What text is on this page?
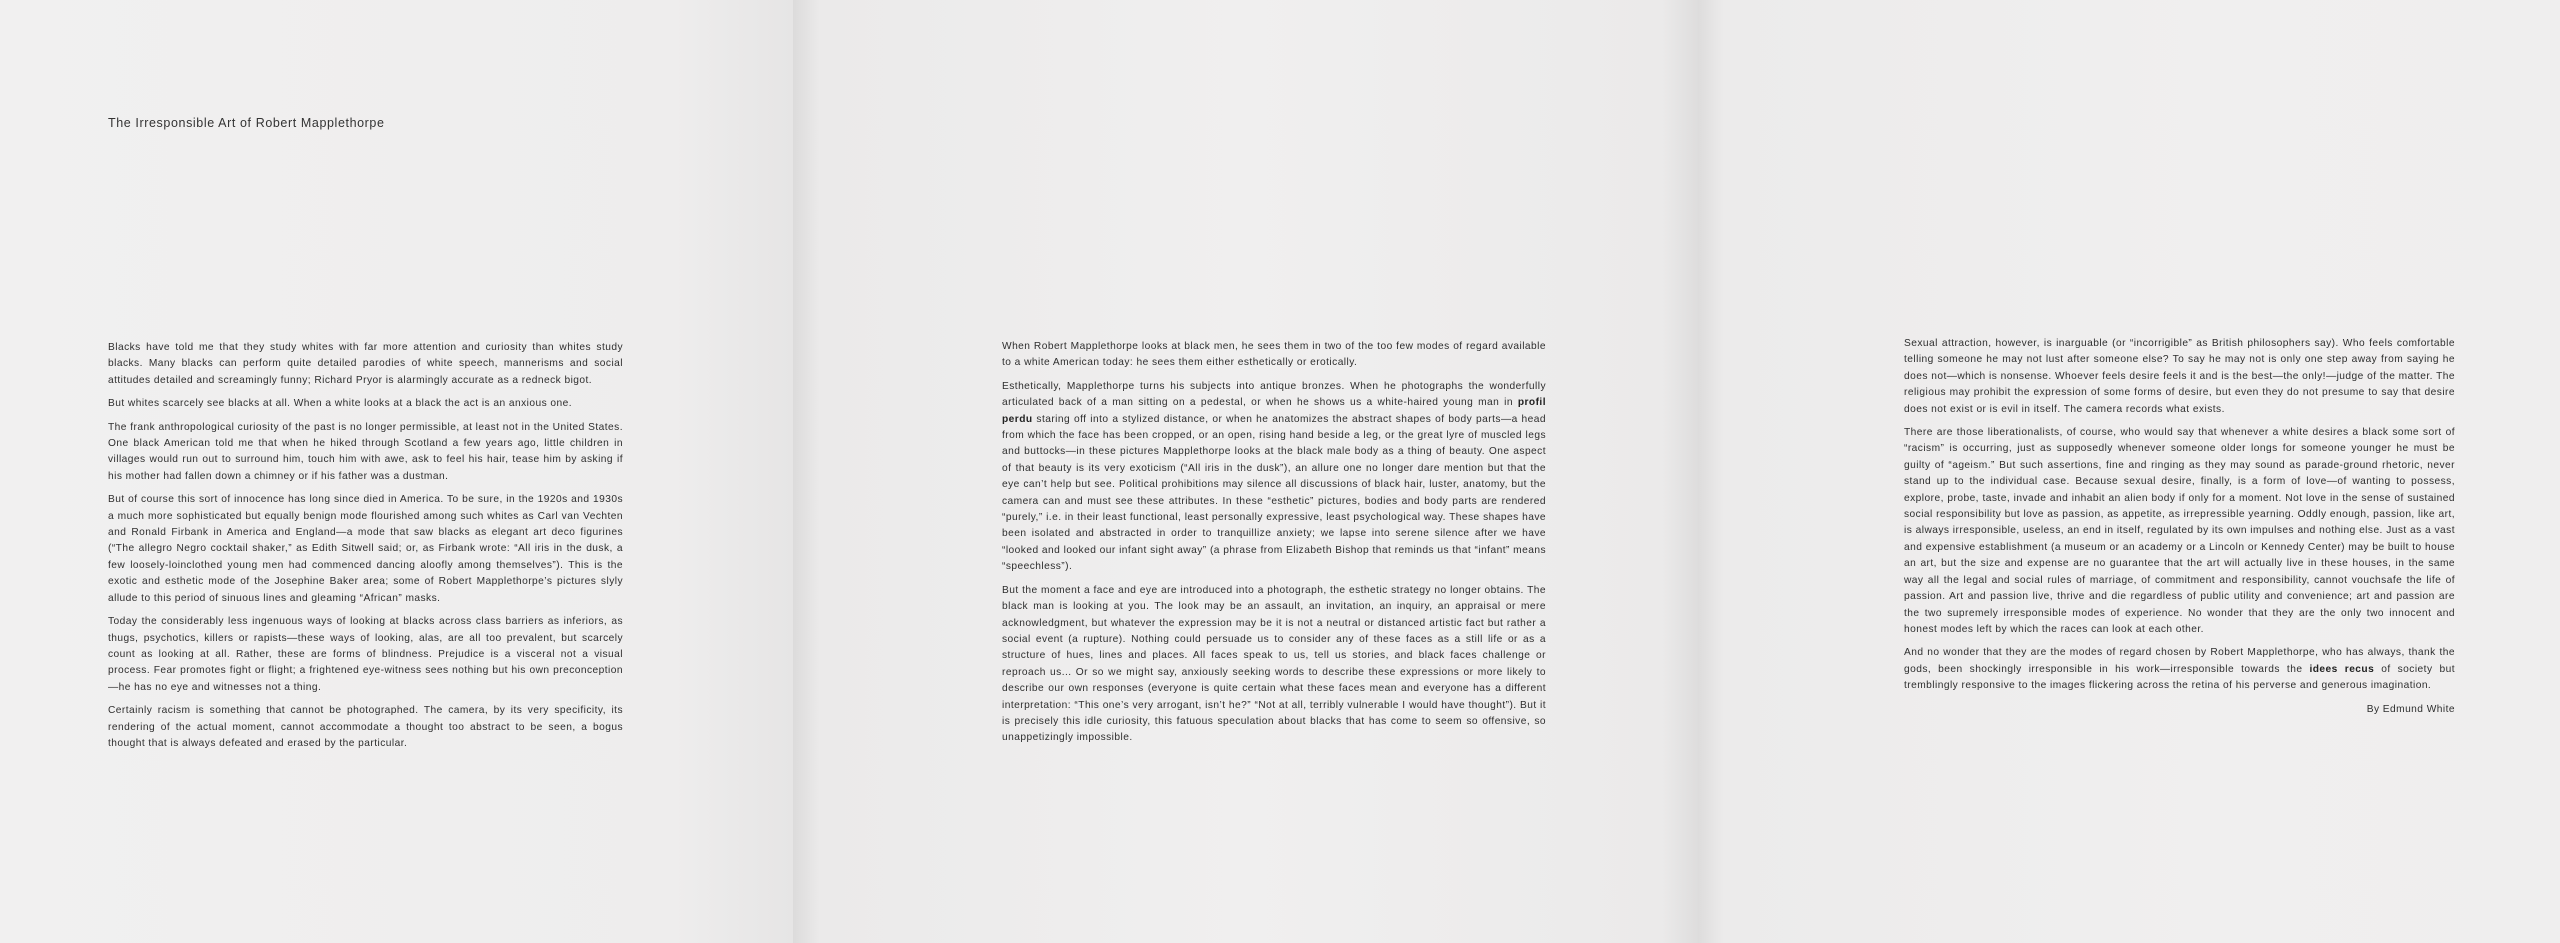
The Irresponsible Art of Robert Mapplethorpe

Blacks have told me that they study whites with far more attention and curiosity than whites study blacks. Many blacks can perform quite detailed parodies of white speech, mannerisms and social attitudes detailed and screamingly funny; Richard Pryor is alarmingly accurate as a redneck bigot.

But whites scarcely see blacks at all. When a white looks at a black the act is an anxious one.

The frank anthropological curiosity of the past is no longer permissible, at least not in the United States. One black American told me that when he hiked through Scotland a few years ago, little children in villages would run out to surround him, touch him with awe, ask to feel his hair, tease him by asking if his mother had fallen down a chimney or if his father was a dustman.

But of course this sort of innocence has long since died in America. To be sure, in the 1920s and 1930s a much more sophisticated but equally benign mode flourished among such whites as Carl van Vechten and Ronald Firbank in America and England—a mode that saw blacks as elegant art deco figurines (“The allegro Negro cocktail shaker,” as Edith Sitwell said; or, as Firbank wrote: “All iris in the dusk, a few loosely-loinclothed young men had commenced dancing aloofly among themselves”). This is the exotic and esthetic mode of the Josephine Baker area; some of Robert Mapplethorpe’s pictures slyly allude to this period of sinuous lines and gleaming “African” masks.

Today the considerably less ingenuous ways of looking at blacks across class barriers as inferiors, as thugs, psychotics, killers or rapists—these ways of looking, alas, are all too prevalent, but scarcely count as looking at all. Rather, these are forms of blindness. Prejudice is a visceral not a visual process. Fear promotes fight or flight; a frightened eye-witness sees nothing but his own preconception—he has no eye and witnesses not a thing.

Certainly racism is something that cannot be photographed. The camera, by its very specificity, its rendering of the actual moment, cannot accommodate a thought too abstract to be seen, a bogus thought that is always defeated and erased by the particular.

When Robert Mapplethorpe looks at black men, he sees them in two of the too few modes of regard available to a white American today: he sees them either esthetically or erotically.

Esthetically, Mapplethorpe turns his subjects into antique bronzes. When he photographs the wonderfully articulated back of a man sitting on a pedestal, or when he shows us a white-haired young man in profil perdu staring off into a stylized distance, or when he anatomizes the abstract shapes of body parts—a head from which the face has been cropped, or an open, rising hand beside a leg, or the great lyre of muscled legs and buttocks—in these pictures Mapplethorpe looks at the black male body as a thing of beauty. One aspect of that beauty is its very exoticism (“All iris in the dusk”), an allure one no longer dare mention but that the eye can’t help but see. Political prohibitions may silence all discussions of black hair, luster, anatomy, but the camera can and must see these attributes. In these “esthetic” pictures, bodies and body parts are rendered “purely,” i.e. in their least functional, least personally expressive, least psychological way. These shapes have been isolated and abstracted in order to tranquillize anxiety; we lapse into serene silence after we have “looked and looked our infant sight away” (a phrase from Elizabeth Bishop that reminds us that “infant” means “speechless”).

But the moment a face and eye are introduced into a photograph, the esthetic strategy no longer obtains. The black man is looking at you. The look may be an assault, an invitation, an inquiry, an appraisal or mere acknowledgment, but whatever the expression may be it is not a neutral or distanced artistic fact but rather a social event (a rupture). Nothing could persuade us to consider any of these faces as a still life or as a structure of hues, lines and places. All faces speak to us, tell us stories, and black faces challenge or reproach us... Or so we might say, anxiously seeking words to describe these expressions or more likely to describe our own responses (everyone is quite certain what these faces mean and everyone has a different interpretation: “This one’s very arrogant, isn’t he?” “Not at all, terribly vulnerable I would have thought”). But it is precisely this idle curiosity, this fatuous speculation about blacks that has come to seem so offensive, so unappetizingly impossible.

Sexual attraction, however, is inarguable (or “incorrigible” as British philosophers say). Who feels comfortable telling someone he may not lust after someone else? To say he may not is only one step away from saying he does not—which is nonsense. Whoever feels desire feels it and is the best—the only!—judge of the matter. The religious may prohibit the expression of some forms of desire, but even they do not presume to say that desire does not exist or is evil in itself. The camera records what exists.

There are those liberationalists, of course, who would say that whenever a white desires a black some sort of “racism” is occurring, just as supposedly whenever someone older longs for someone younger he must be guilty of “ageism.” But such assertions, fine and ringing as they may sound as parade-ground rhetoric, never stand up to the individual case. Because sexual desire, finally, is a form of love—of wanting to possess, explore, probe, taste, invade and inhabit an alien body if only for a moment. Not love in the sense of sustained social responsibility but love as passion, as appetite, as irrepressible yearning. Oddly enough, passion, like art, is always irresponsible, useless, an end in itself, regulated by its own impulses and nothing else. Just as a vast and expensive establishment (a museum or an academy or a Lincoln or Kennedy Center) may be built to house an art, but the size and expense are no guarantee that the art will actually live in these houses, in the same way all the legal and social rules of marriage, of commitment and responsibility, cannot vouchsafe the life of passion. Art and passion live, thrive and die regardless of public utility and convenience; art and passion are the two supremely irresponsible modes of experience. No wonder that they are the only two innocent and honest modes left by which the races can look at each other.

And no wonder that they are the modes of regard chosen by Robert Mapplethorpe, who has always, thank the gods, been shockingly irresponsible in his work—irresponsible towards the idees recus of society but tremblingly responsive to the images flickering across the retina of his perverse and generous imagination.

By Edmund White
